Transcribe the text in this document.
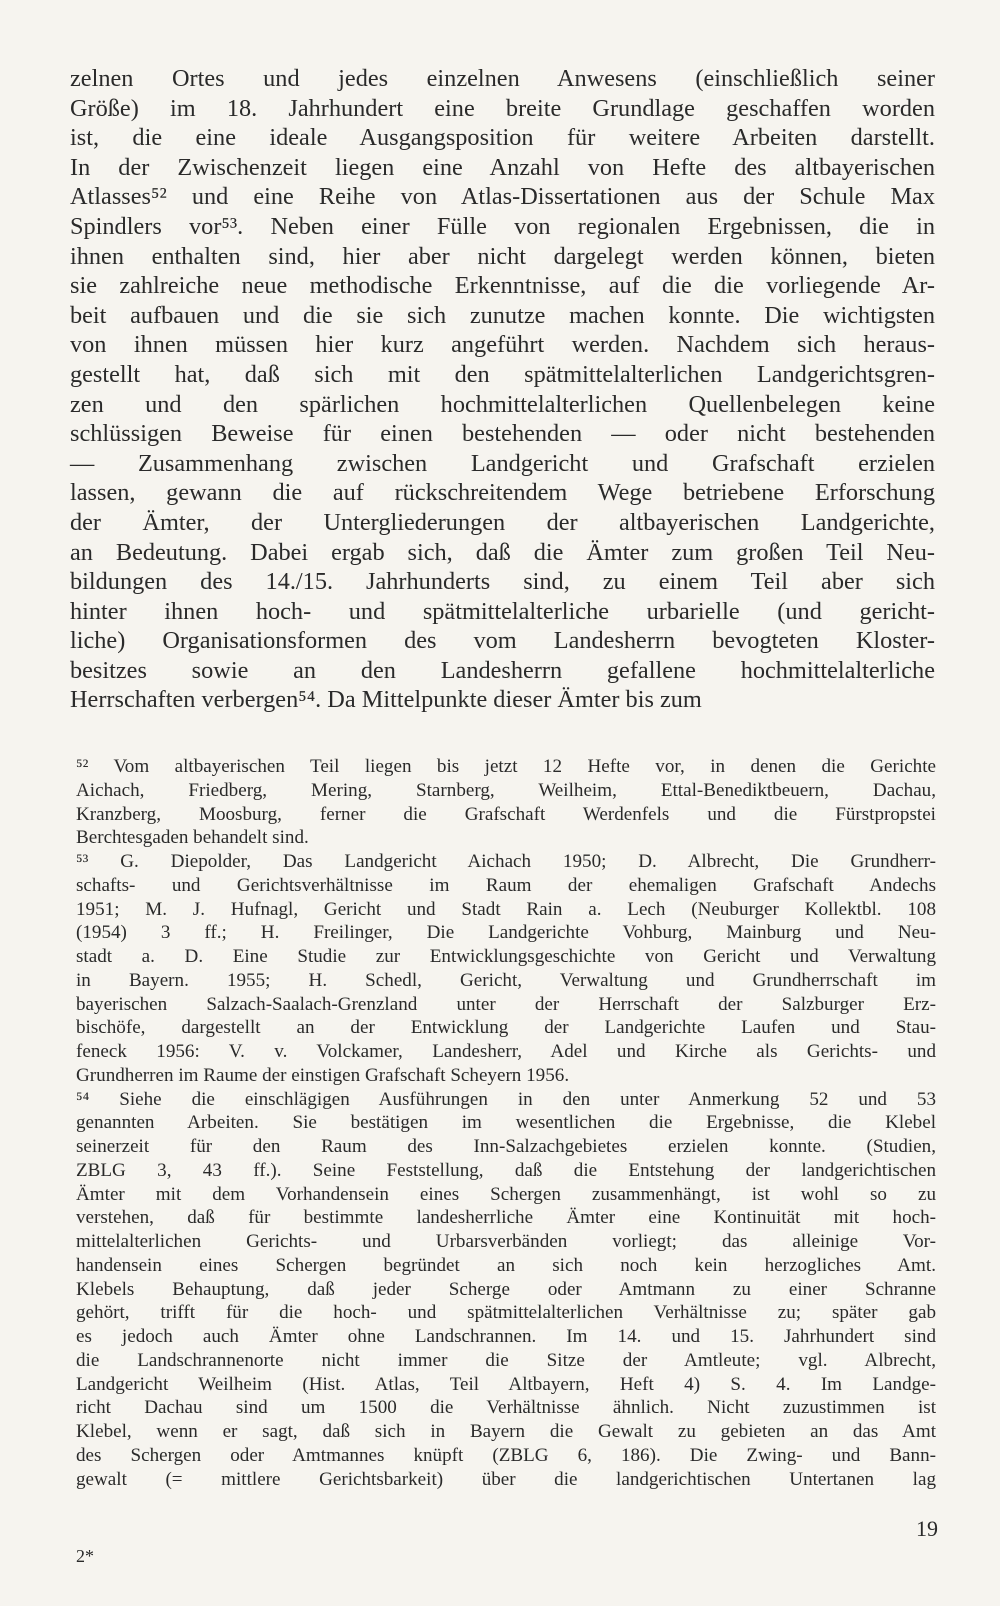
zelnen Ortes und jedes einzelnen Anwesens (einschließlich seiner
Größe) im 18. Jahrhundert eine breite Grundlage geschaffen worden
ist, die eine ideale Ausgangsposition für weitere Arbeiten darstellt.
In der Zwischenzeit liegen eine Anzahl von Hefte des altbayerischen
Atlasses⁵² und eine Reihe von Atlas-Dissertationen aus der Schule Max
Spindlers vor⁵³. Neben einer Fülle von regionalen Ergebnissen, die in
ihnen enthalten sind, hier aber nicht dargelegt werden können, bieten
sie zahlreiche neue methodische Erkenntnisse, auf die die vorliegende Ar-
beit aufbauen und die sie sich zunutze machen konnte. Die wichtigsten
von ihnen müssen hier kurz angeführt werden. Nachdem sich heraus-
gestellt hat, daß sich mit den spätmittelalterlichen Landgerichtsgren-
zen und den spärlichen hochmittelalterlichen Quellenbelegen keine
schlüssigen Beweise für einen bestehenden — oder nicht bestehenden
— Zusammenhang zwischen Landgericht und Grafschaft erzielen
lassen, gewann die auf rückschreitendem Wege betriebene Erforschung
der Ämter, der Untergliederungen der altbayerischen Landgerichte,
an Bedeutung. Dabei ergab sich, daß die Ämter zum großen Teil Neu-
bildungen des 14./15. Jahrhunderts sind, zu einem Teil aber sich
hinter ihnen hoch- und spätmittelalterliche urbarielle (und gericht-
liche) Organisationsformen des vom Landesherrn bevogteten Kloster-
besitzes sowie an den Landesherrn gefallene hochmittelalterliche
Herrschaften verbergen⁵⁴. Da Mittelpunkte dieser Ämter bis zum
⁵² Vom altbayerischen Teil liegen bis jetzt 12 Hefte vor, in denen die Gerichte
Aichach, Friedberg, Mering, Starnberg, Weilheim, Ettal-Benediktbeuern, Dachau,
Kranzberg, Moosburg, ferner die Grafschaft Werdenfels und die Fürstpropstei
Berchtesgaden behandelt sind.
⁵³ G. Diepolder, Das Landgericht Aichach 1950; D. Albrecht, Die Grundherr-
schafts- und Gerichtsverhältnisse im Raum der ehemaligen Grafschaft Andechs
1951; M. J. Hufnagl, Gericht und Stadt Rain a. Lech (Neuburger Kollektbl. 108
(1954) 3 ff.; H. Freilinger, Die Landgerichte Vohburg, Mainburg und Neu-
stadt a. D. Eine Studie zur Entwicklungsgeschichte von Gericht und Verwaltung
in Bayern. 1955; H. Schedl, Gericht, Verwaltung und Grundherrschaft im
bayerischen Salzach-Saalach-Grenzland unter der Herrschaft der Salzburger Erz-
bischöfe, dargestellt an der Entwicklung der Landgerichte Laufen und Stau-
feneck 1956: V. v. Volckamer, Landesherr, Adel und Kirche als Gerichts- und
Grundherren im Raume der einstigen Grafschaft Scheyern 1956.
⁵⁴ Siehe die einschlägigen Ausführungen in den unter Anmerkung 52 und 53
genannten Arbeiten. Sie bestätigen im wesentlichen die Ergebnisse, die Klebel
seinerzeit für den Raum des Inn-Salzachgebietes erzielen konnte. (Studien,
ZBLG 3, 43 ff.). Seine Feststellung, daß die Entstehung der landgerichtischen
Ämter mit dem Vorhandensein eines Schergen zusammenhängt, ist wohl so zu
verstehen, daß für bestimmte landesherrliche Ämter eine Kontinuität mit hoch-
mittelalterlichen Gerichts- und Urbarsverbänden vorliegt; das alleinige Vor-
handensein eines Schergen begründet an sich noch kein herzogliches Amt.
Klebels Behauptung, daß jeder Scherge oder Amtmann zu einer Schranne
gehört, trifft für die hoch- und spätmittelalterlichen Verhältnisse zu; später gab
es jedoch auch Ämter ohne Landschrannen. Im 14. und 15. Jahrhundert sind
die Landschrannenorte nicht immer die Sitze der Amtleute; vgl. Albrecht,
Landgericht Weilheim (Hist. Atlas, Teil Altbayern, Heft 4) S. 4. Im Landge-
richt Dachau sind um 1500 die Verhältnisse ähnlich. Nicht zuzustimmen ist
Klebel, wenn er sagt, daß sich in Bayern die Gewalt zu gebieten an das Amt
des Schergen oder Amtmannes knüpft (ZBLG 6, 186). Die Zwing- und Bann-
gewalt (= mittlere Gerichtsbarkeit) über die landgerichtischen Untertanen lag
19
2*
